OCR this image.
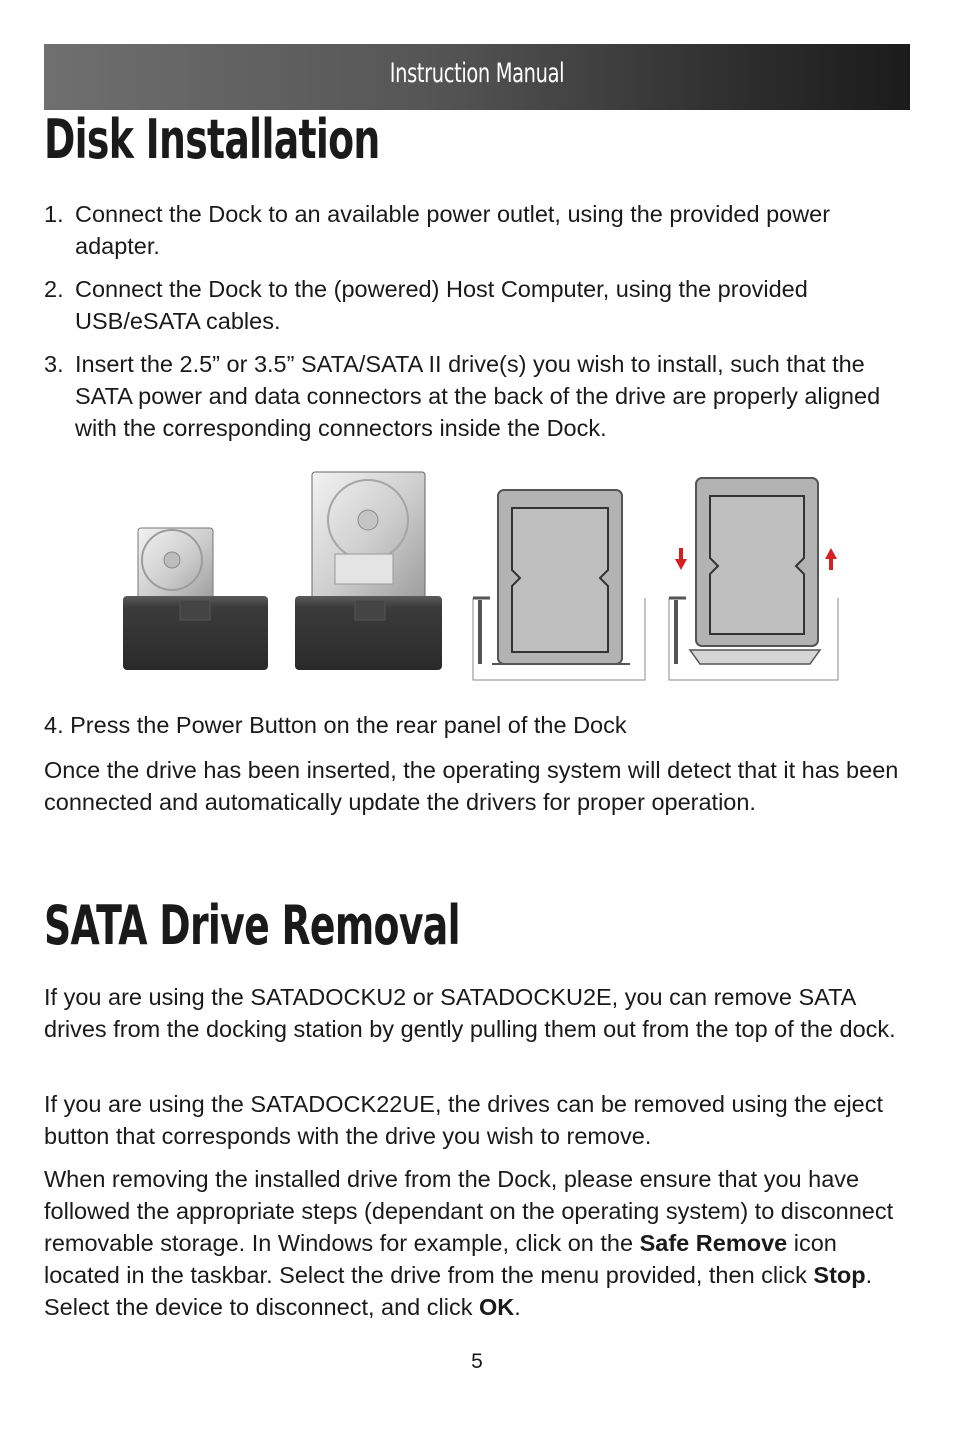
Instruction Manual
Disk Installation
1. Connect the Dock to an available power outlet, using the provided power adapter.
2. Connect the Dock to the (powered) Host Computer, using the provided USB/eSATA cables.
3. Insert the 2.5” or 3.5” SATA/SATA II drive(s) you wish to install, such that the SATA power and data connectors at the back of the drive are properly aligned with the corresponding connectors inside the Dock.

4. Press the Power Button on the rear panel of the Dock

Once the drive has been inserted, the operating system will detect that it has been connected and automatically update the drivers for proper operation.

SATA Drive Removal

If you are using the SATADOCKU2 or SATADOCKU2E, you can remove SATA drives from the docking station by gently pulling them out from the top of the dock.

If you are using the SATADOCK22UE, the drives can be removed using the eject button that corresponds with the drive you wish to remove.

When removing the installed drive from the Dock, please ensure that you have followed the appropriate steps (dependant on the operating system) to disconnect removable storage. In Windows for example, click on the Safe Remove icon located in the taskbar. Select the drive from the menu provided, then click Stop. Select the device to disconnect, and click OK.

5
